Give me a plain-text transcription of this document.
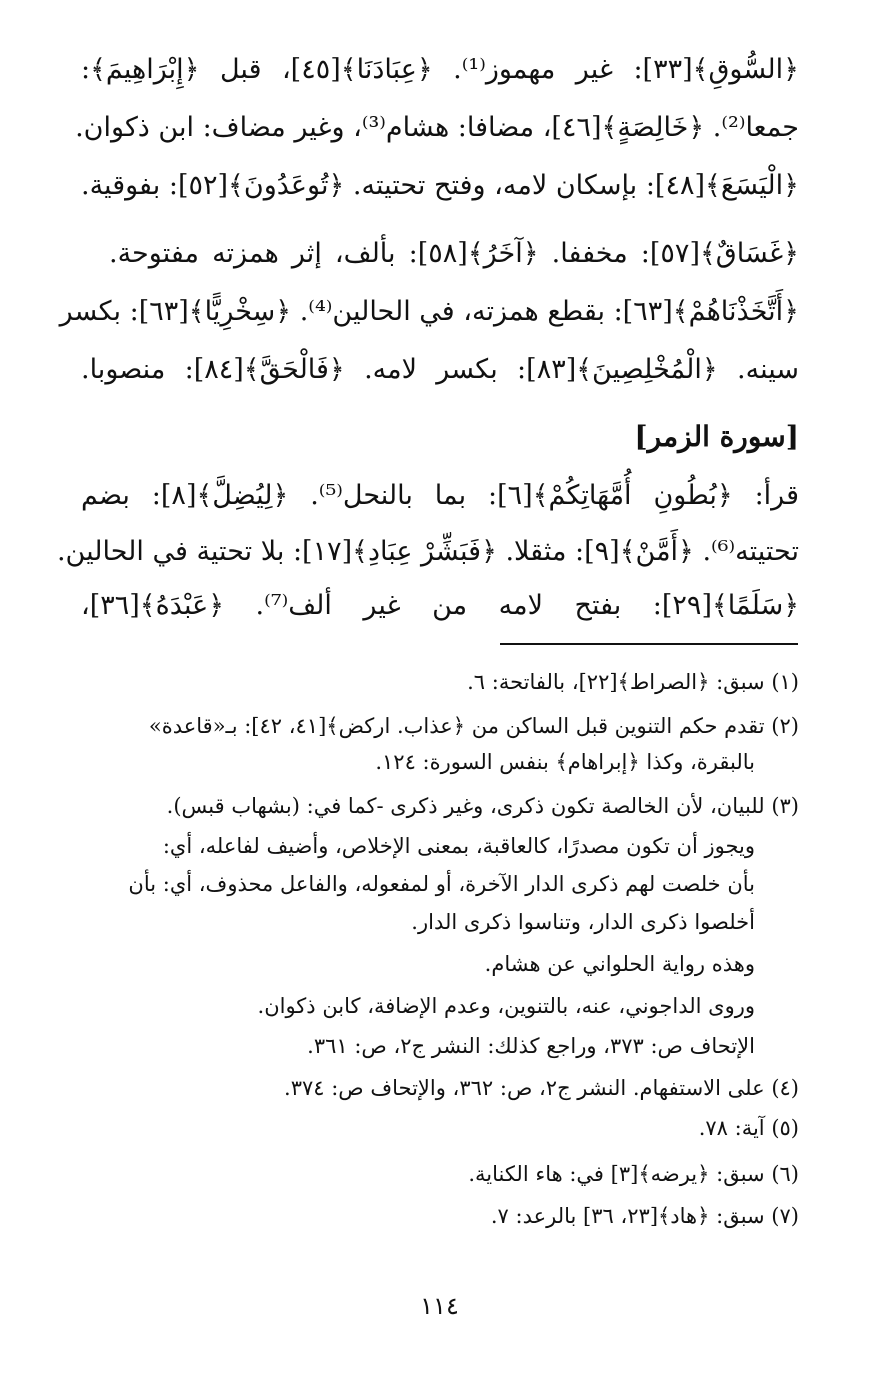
﴿السُّوقِ﴾[٣٣]: غير مهموز⁽¹⁾. ﴿عِبَادَنَا﴾[٤٥]، قبل ﴿إِبْرَاهِيمَ﴾:
جمعا⁽²⁾. ﴿خَالِصَةٍ﴾[٤٦]، مضافا: هشام⁽³⁾، وغير مضاف: ابن ذكوان.
﴿الْيَسَعَ﴾[٤٨]: بإسكان لامه، وفتح تحتيته. ﴿تُوعَدُونَ﴾[٥٢]: بفوقية.
﴿غَسَاقٌ﴾[٥٧]: مخففا. ﴿آخَرُ﴾[٥٨]: بألف، إثر همزته مفتوحة.
﴿أَتَّخَذْنَاهُمْ﴾[٦٣]: بقطع همزته، في الحالين⁽⁴⁾. ﴿سِخْرِيًّا﴾[٦٣]: بكسر
سينه. ﴿الْمُخْلِصِينَ﴾[٨٣]: بكسر لامه. ﴿فَالْحَقَّ﴾[٨٤]: منصوبا.
[سورة الزمر]
قرأ: ﴿بُطُونِ أُمَّهَاتِكُمْ﴾[٦]: بما بالنحل⁽⁵⁾. ﴿لِيُضِلَّ﴾[٨]: بضم
تحتيته⁽⁶⁾. ﴿أَمَّنْ﴾[٩]: مثقلا. ﴿فَبَشِّرْ عِبَادِ﴾[١٧]: بلا تحتية في الحالين.
﴿سَلَمًا﴾[٢٩]: بفتح لامه من غير ألف⁽⁷⁾. ﴿عَبْدَهُ﴾[٣٦]،
(١) سبق: ﴿الصراط﴾[٢٢]، بالفاتحة: ٦.
(٢) تقدم حكم التنوين قبل الساكن من ﴿عذاب. اركض﴾[٤١، ٤٢]: بـ«قاعدة»
بالبقرة، وكذا ﴿إبراهام﴾ بنفس السورة: ١٢٤.
(٣) للبيان، لأن الخالصة تكون ذكرى، وغير ذكرى -كما في: (بشهاب قبس).
ويجوز أن تكون مصدرًا، كالعاقبة، بمعنى الإخلاص، وأضيف لفاعله، أي:
بأن خلصت لهم ذكرى الدار الآخرة، أو لمفعوله، والفاعل محذوف، أي: بأن
أخلصوا ذكرى الدار، وتناسوا ذكرى الدار.
وهذه رواية الحلواني عن هشام.
وروى الداجوني، عنه، بالتنوين، وعدم الإضافة، كابن ذكوان.
الإتحاف ص: ٣٧٣، وراجع كذلك: النشر ج٢، ص: ٣٦١.
(٤) على الاستفهام. النشر ج٢، ص: ٣٦٢، والإتحاف ص: ٣٧٤.
(٥) آية: ٧٨.
(٦) سبق: ﴿يرضه﴾[٣] في: هاء الكناية.
(٧) سبق: ﴿هاد﴾[٢٣، ٣٦] بالرعد: ٧.
١١٤
